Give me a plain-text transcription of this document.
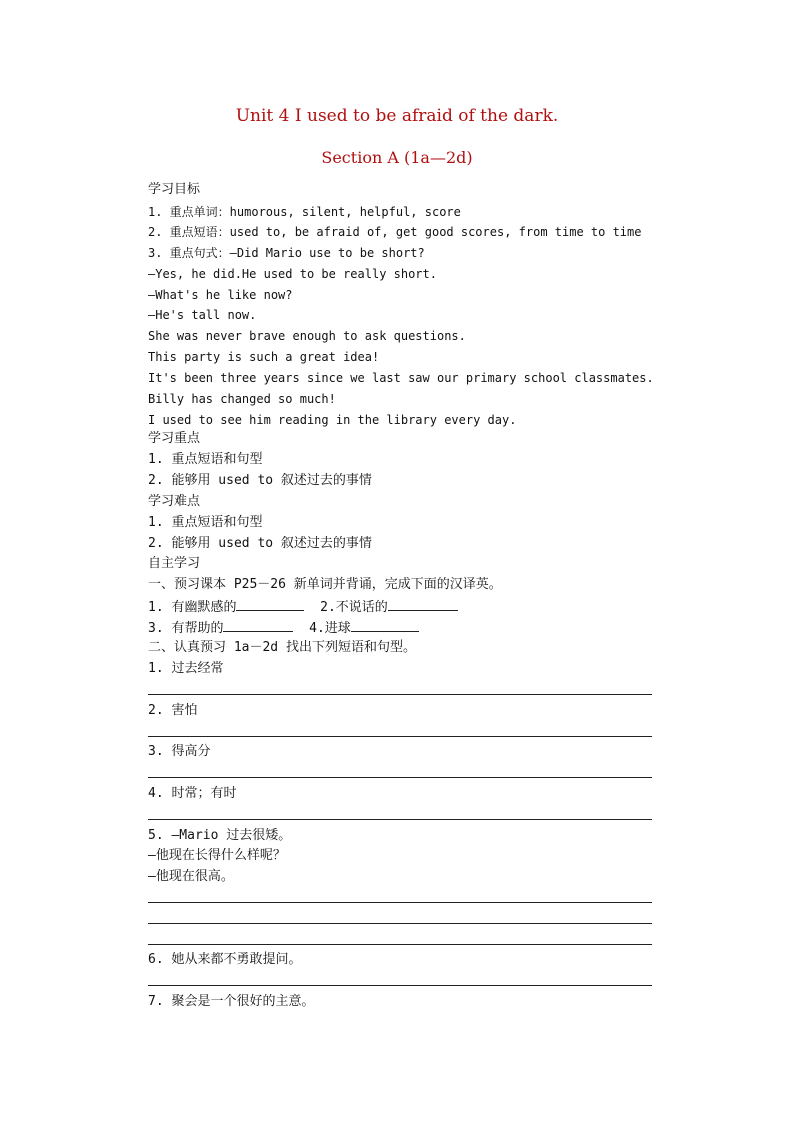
Unit 4 I used to be afraid of the dark.
Section A (1a—2d)
学习目标
1. 重点单词：humorous, silent, helpful, score
2. 重点短语：used to, be afraid of, get good scores, from time to time
3. 重点句式：—Did Mario use to be short?
—Yes, he did.He used to be really short.
—What's he like now?
—He's tall now.
She was never brave enough to ask questions.
This party is such a great idea!
It's been three years since we last saw our primary school classmates.
Billy has changed so much!
I used to see him reading in the library every day.
学习重点
1. 重点短语和句型
2. 能够用 used to 叙述过去的事情
学习难点
1. 重点短语和句型
2. 能够用 used to 叙述过去的事情
自主学习
一、预习课本 P25－26 新单词并背诵，完成下面的汉译英。
1. 有幽默感的	2.不说话的
3. 有帮助的	4.进球
二、认真预习 1a－2d 找出下列短语和句型。
1. 过去经常
2. 害怕
3. 得高分
4. 时常；有时
5. —Mario 过去很矮。
—他现在长得什么样呢？
—他现在很高。
6. 她从来都不勇敢提问。
7. 聚会是一个很好的主意。
